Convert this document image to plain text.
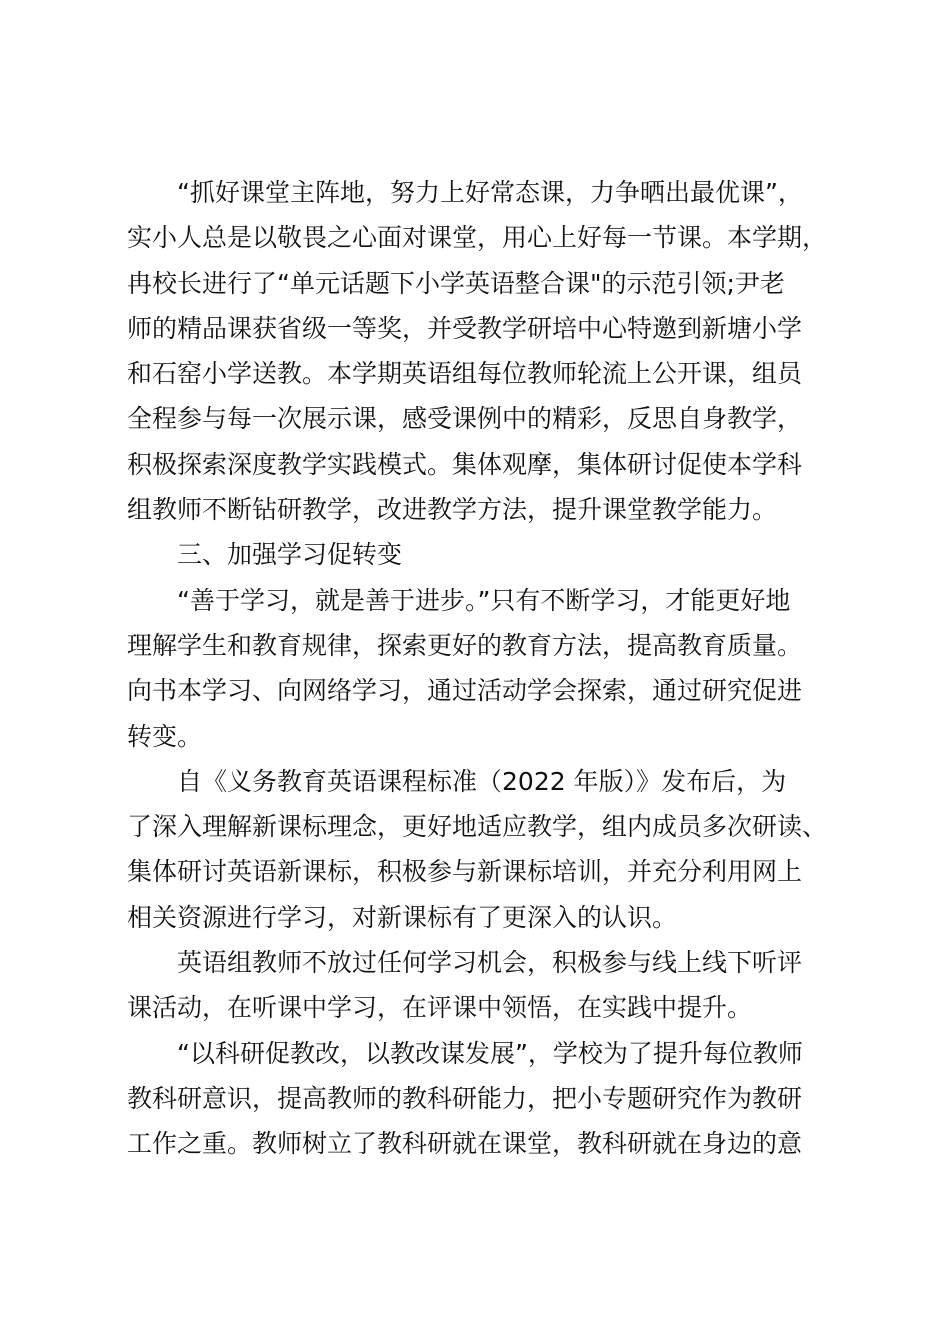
“抓好课堂主阵地，努力上好常态课，力争晒出最优课”，
实小人总是以敬畏之心面对课堂，用心上好每一节课。本学期，
冉校长进行了“单元话题下小学英语整合课"的示范引领;尹老
师的精品课获省级一等奖，并受教学研培中心特邀到新塘小学
和石窑小学送教。本学期英语组每位教师轮流上公开课，组员
全程参与每一次展示课，感受课例中的精彩，反思自身教学，
积极探索深度教学实践模式。集体观摩，集体研讨促使本学科
组教师不断钻研教学，改进教学方法，提升课堂教学能力。
三、加强学习促转变
“善于学习，就是善于进步。”只有不断学习，才能更好地
理解学生和教育规律，探索更好的教育方法，提高教育质量。
向书本学习、向网络学习，通过活动学会探索，通过研究促进
转变。
自《义务教育英语课程标准（2022 年版）》发布后，为
了深入理解新课标理念，更好地适应教学，组内成员多次研读、
集体研讨英语新课标，积极参与新课标培训，并充分利用网上
相关资源进行学习，对新课标有了更深入的认识。
英语组教师不放过任何学习机会，积极参与线上线下听评
课活动，在听课中学习，在评课中领悟，在实践中提升。
“以科研促教改，以教改谋发展”，学校为了提升每位教师
教科研意识，提高教师的教科研能力，把小专题研究作为教研
工作之重。教师树立了教科研就在课堂，教科研就在身边的意
